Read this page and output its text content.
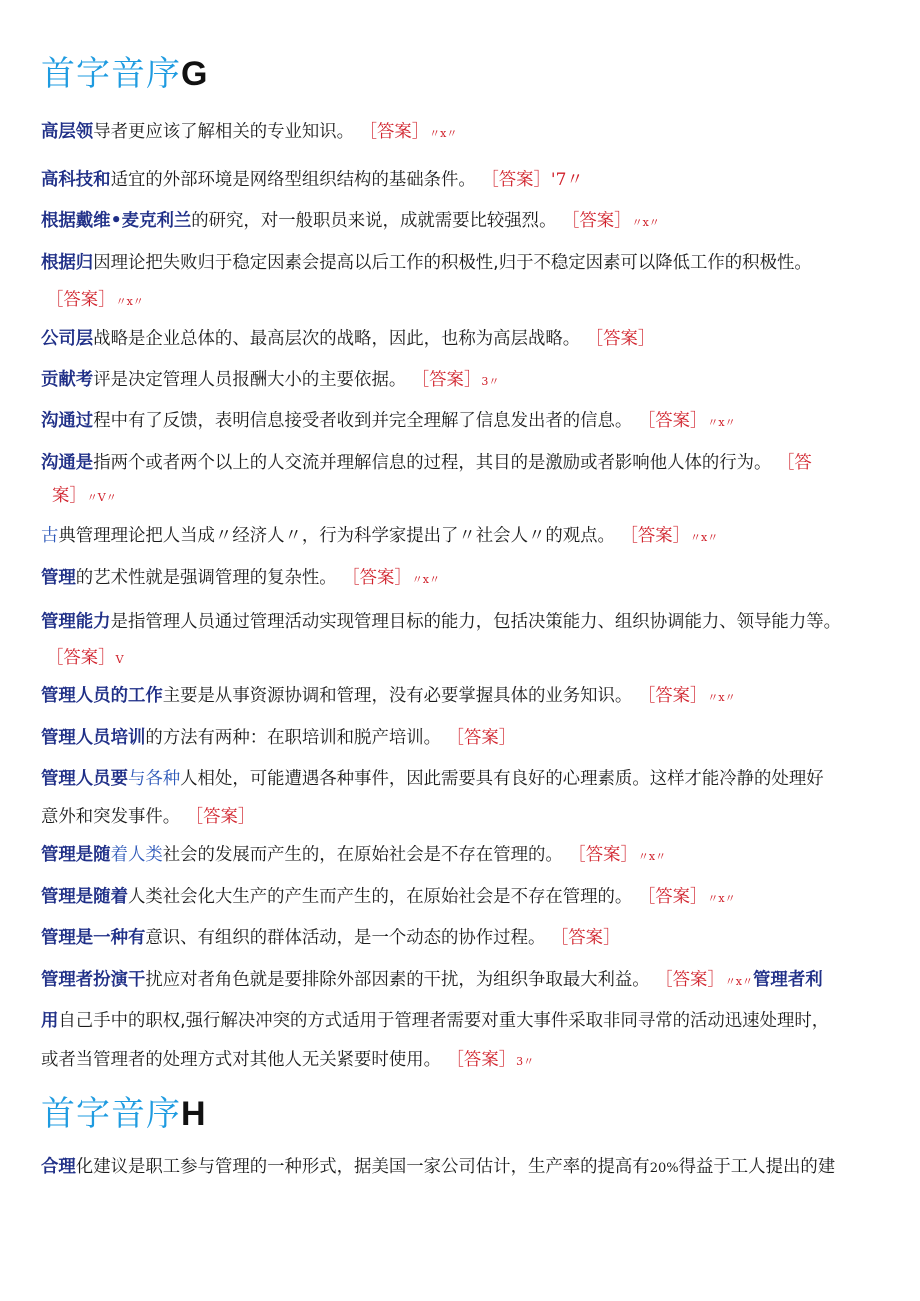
首字音序G
高层领导者更应该了解相关的专业知识。 ［答案］〃x〃
高科技和适宜的外部环境是网络型组织结构的基础条件。 ［答案］'7〃
根据戴维•麦克利兰的研究，对一般职员来说，成就需要比较强烈。 ［答案］〃x〃
根据归因理论把失败归于稳定因素会提高以后工作的积极性,归于不稳定因素可以降低工作的积极性。
［答案］〃x〃
公司层战略是企业总体的、最高层次的战略，因此，也称为高层战略。 ［答案］
贡献考评是决定管理人员报酬大小的主要依据。 ［答案］3〃
沟通过程中有了反馈，表明信息接受者收到并完全理解了信息发出者的信息。 ［答案］〃x〃
沟通是指两个或者两个以上的人交流并理解信息的过程，其目的是激励或者影响他人体的行为。 ［答
案］〃V〃
古典管理理论把人当成〃经济人〃，行为科学家提出了〃社会人〃的观点。 ［答案］〃x〃
管理的艺术性就是强调管理的复杂性。 ［答案］〃x〃
管理能力是指管理人员通过管理活动实现管理目标的能力，包括决策能力、组织协调能力、领导能力等。
［答案］V
管理人员的工作主要是从事资源协调和管理，没有必要掌握具体的业务知识。 ［答案］〃x〃
管理人员培训的方法有两种：在职培训和脱产培训。 ［答案］
管理人员要与各种人相处，可能遭遇各种事件，因此需要具有良好的心理素质。这样才能冷静的处理好
意外和突发事件。 ［答案］
管理是随着人类社会的发展而产生的，在原始社会是不存在管理的。 ［答案］〃x〃
管理是随着人类社会化大生产的产生而产生的，在原始社会是不存在管理的。 ［答案］〃x〃
管理是一种有意识、有组织的群体活动，是一个动态的协作过程。 ［答案］
管理者扮演干扰应对者角色就是要排除外部因素的干扰，为组织争取最大利益。 ［答案］〃x〃管理者利
用自己手中的职权,强行解决冲突的方式适用于管理者需要对重大事件采取非同寻常的活动迅速处理时，
或者当管理者的处理方式对其他人无关紧要时使用。 ［答案］3〃
首字音序H
合理化建议是职工参与管理的一种形式，据美国一家公司估计，生产率的提高有20%得益于工人提出的建
